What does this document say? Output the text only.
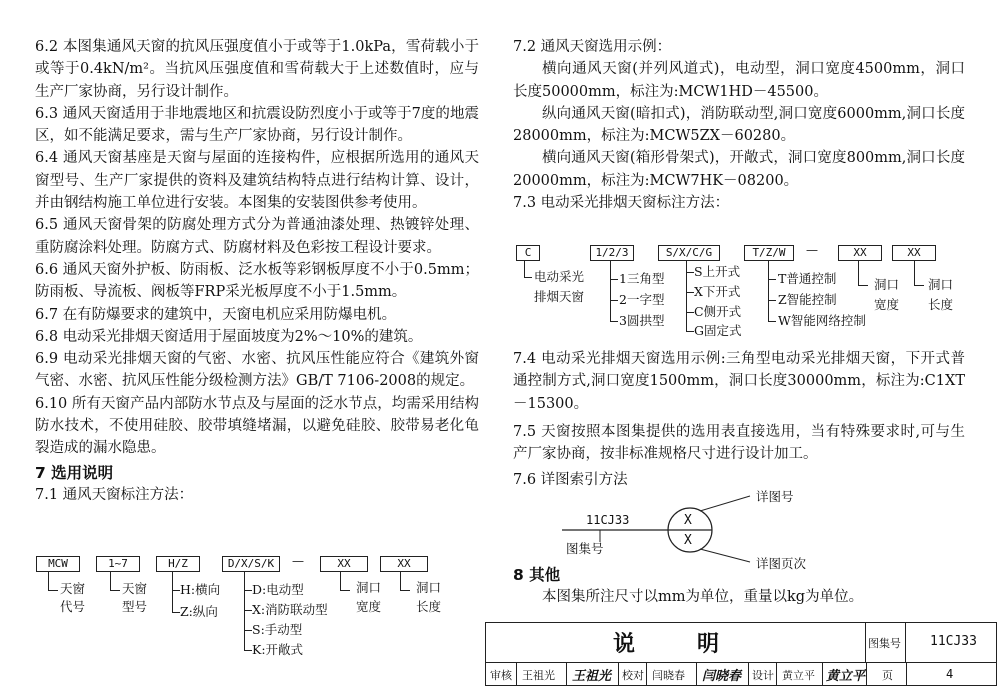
6.2 本图集通风天窗的抗风压强度值小于或等于1.0kPa，雪荷载小于或等于0.4kN/m²。当抗风压强度值和雪荷载大于上述数值时，应与生产厂家协商，另行设计制作。

6.3 通风天窗适用于非地震地区和抗震设防烈度小于或等于7度的地震区，如不能满足要求，需与生产厂家协商，另行设计制作。

6.4 通风天窗基座是天窗与屋面的连接构件，应根据所选用的通风天窗型号、生产厂家提供的资料及建筑结构特点进行结构计算、设计，并由钢结构施工单位进行安装。本图集的安装图供参考使用。

6.5 通风天窗骨架的防腐处理方式分为普通油漆处理、热镀锌处理、重防腐涂料处理。防腐方式、防腐材料及色彩按工程设计要求。

6.6 通风天窗外护板、防雨板、泛水板等彩钢板厚度不小于0.5mm；防雨板、导流板、阀板等FRP采光板厚度不小于1.5mm。

6.7 在有防爆要求的建筑中，天窗电机应采用防爆电机。

6.8 电动采光排烟天窗适用于屋面坡度为2%～10%的建筑。

6.9 电动采光排烟天窗的气密、水密、抗风压性能应符合《建筑外窗气密、水密、抗风压性能分级检测方法》GB/T 7106-2008的规定。

6.10 所有天窗产品内部防水节点及与屋面的泛水节点，均需采用结构防水技术，不使用硅胶、胶带填缝堵漏，以避免硅胶、胶带易老化龟裂造成的漏水隐患。

7 选用说明

7.1 通风天窗标注方法：

MCW	1~7	H/Z	D/X/S/K	—	XX	XX
天窗
代号
天窗
型号
H:横向
Z:纵向
D:电动型
X:消防联动型
S:手动型
K:开敞式
洞口
宽度
洞口
长度

7.2 通风天窗选用示例：

横向通风天窗(并列风道式)，电动型，洞口宽度4500mm，洞口长度50000mm，标注为:MCW1HD－45500。

纵向通风天窗(暗扣式)，消防联动型,洞口宽度6000mm,洞口长度28000mm，标注为:MCW5ZX－60280。

横向通风天窗(箱形骨架式)，开敞式，洞口宽度800mm,洞口长度20000mm，标注为:MCW7HK－08200。

7.3 电动采光排烟天窗标注方法：

C	1/2/3	S/X/C/G	T/Z/W	—	XX	XX
电动采光
排烟天窗
1三角型
2一字型
3圆拱型
S上开式
X下开式
C侧开式
G固定式
T普通控制
Z智能控制
W智能网络控制
洞口
宽度
洞口
长度

7.4 电动采光排烟天窗选用示例:三角型电动采光排烟天窗，下开式普通控制方式,洞口宽度1500mm，洞口长度30000mm，标注为:C1XT－15300。

7.5 天窗按照本图集提供的选用表直接选用，当有特殊要求时,可与生产厂家协商，按非标准规格尺寸进行设计加工。

7.6 详图索引方法

11CJ33	X
X
详图号
图集号
详图页次

8 其他

本图集所注尺寸以mm为单位，重量以kg为单位。

说　明	图集号 11CJ33
审核 王祖光 王祖光 校对 闫晓春 闫晓春 设计 黄立平 黄立平 页	4
